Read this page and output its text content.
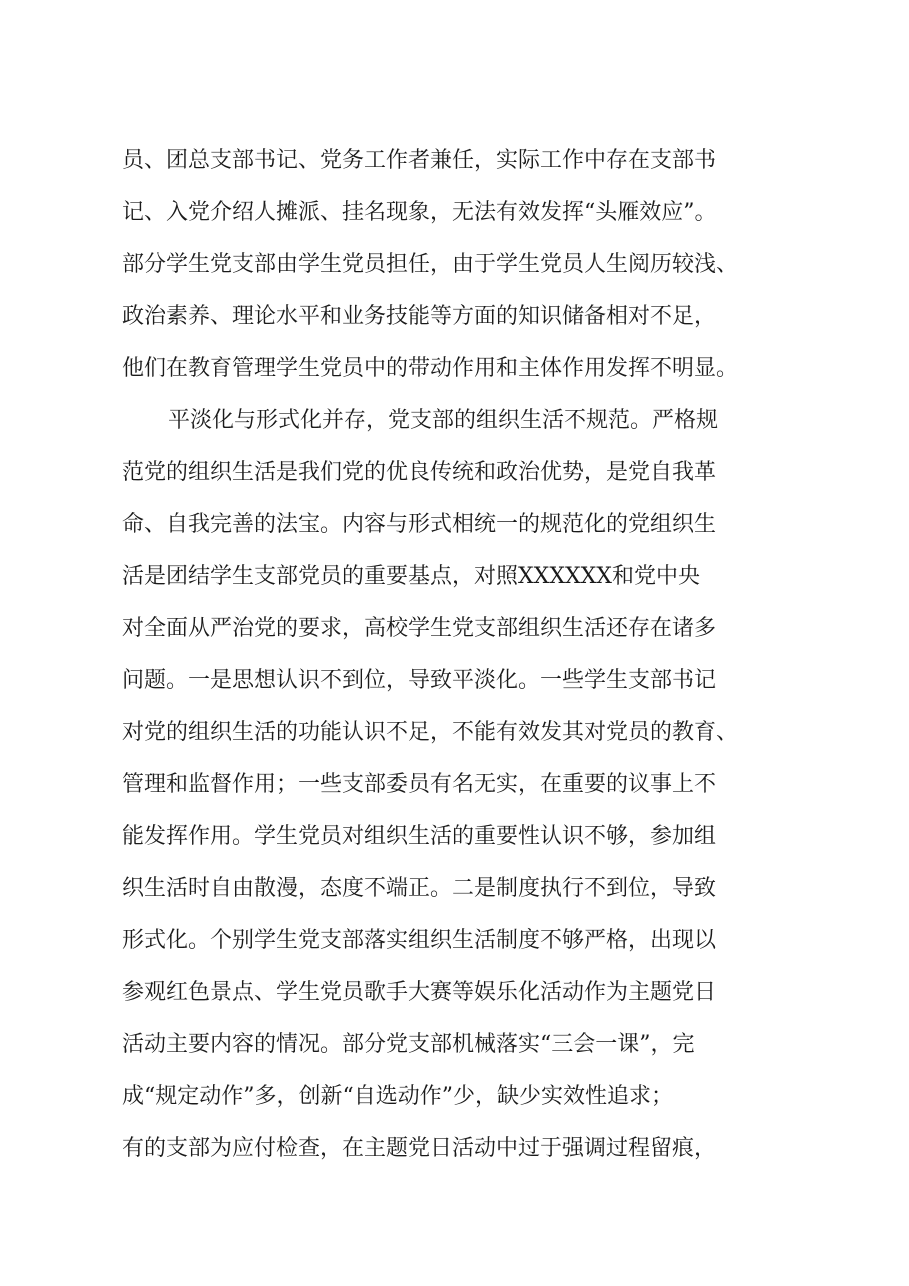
员、团总支部书记、党务工作者兼任，实际工作中存在支部书
记、入党介绍人摊派、挂名现象，无法有效发挥“头雁效应”。
部分学生党支部由学生党员担任，由于学生党员人生阅历较浅、
政治素养、理论水平和业务技能等方面的知识储备相对不足，
他们在教育管理学生党员中的带动作用和主体作用发挥不明显。
平淡化与形式化并存，党支部的组织生活不规范。严格规
范党的组织生活是我们党的优良传统和政治优势，是党自我革
命、自我完善的法宝。内容与形式相统一的规范化的党组织生
活是团结学生支部党员的重要基点，对照XXXXXX和党中央
对全面从严治党的要求，高校学生党支部组织生活还存在诸多
问题。一是思想认识不到位，导致平淡化。一些学生支部书记
对党的组织生活的功能认识不足，不能有效发其对党员的教育、
管理和监督作用；一些支部委员有名无实，在重要的议事上不
能发挥作用。学生党员对组织生活的重要性认识不够，参加组
织生活时自由散漫，态度不端正。二是制度执行不到位，导致
形式化。个别学生党支部落实组织生活制度不够严格，出现以
参观红色景点、学生党员歌手大赛等娱乐化活动作为主题党日
活动主要内容的情况。部分党支部机械落实“三会一课”，完
成“规定动作”多，创新“自选动作”少，缺少实效性追求；
有的支部为应付检查，在主题党日活动中过于强调过程留痕，
